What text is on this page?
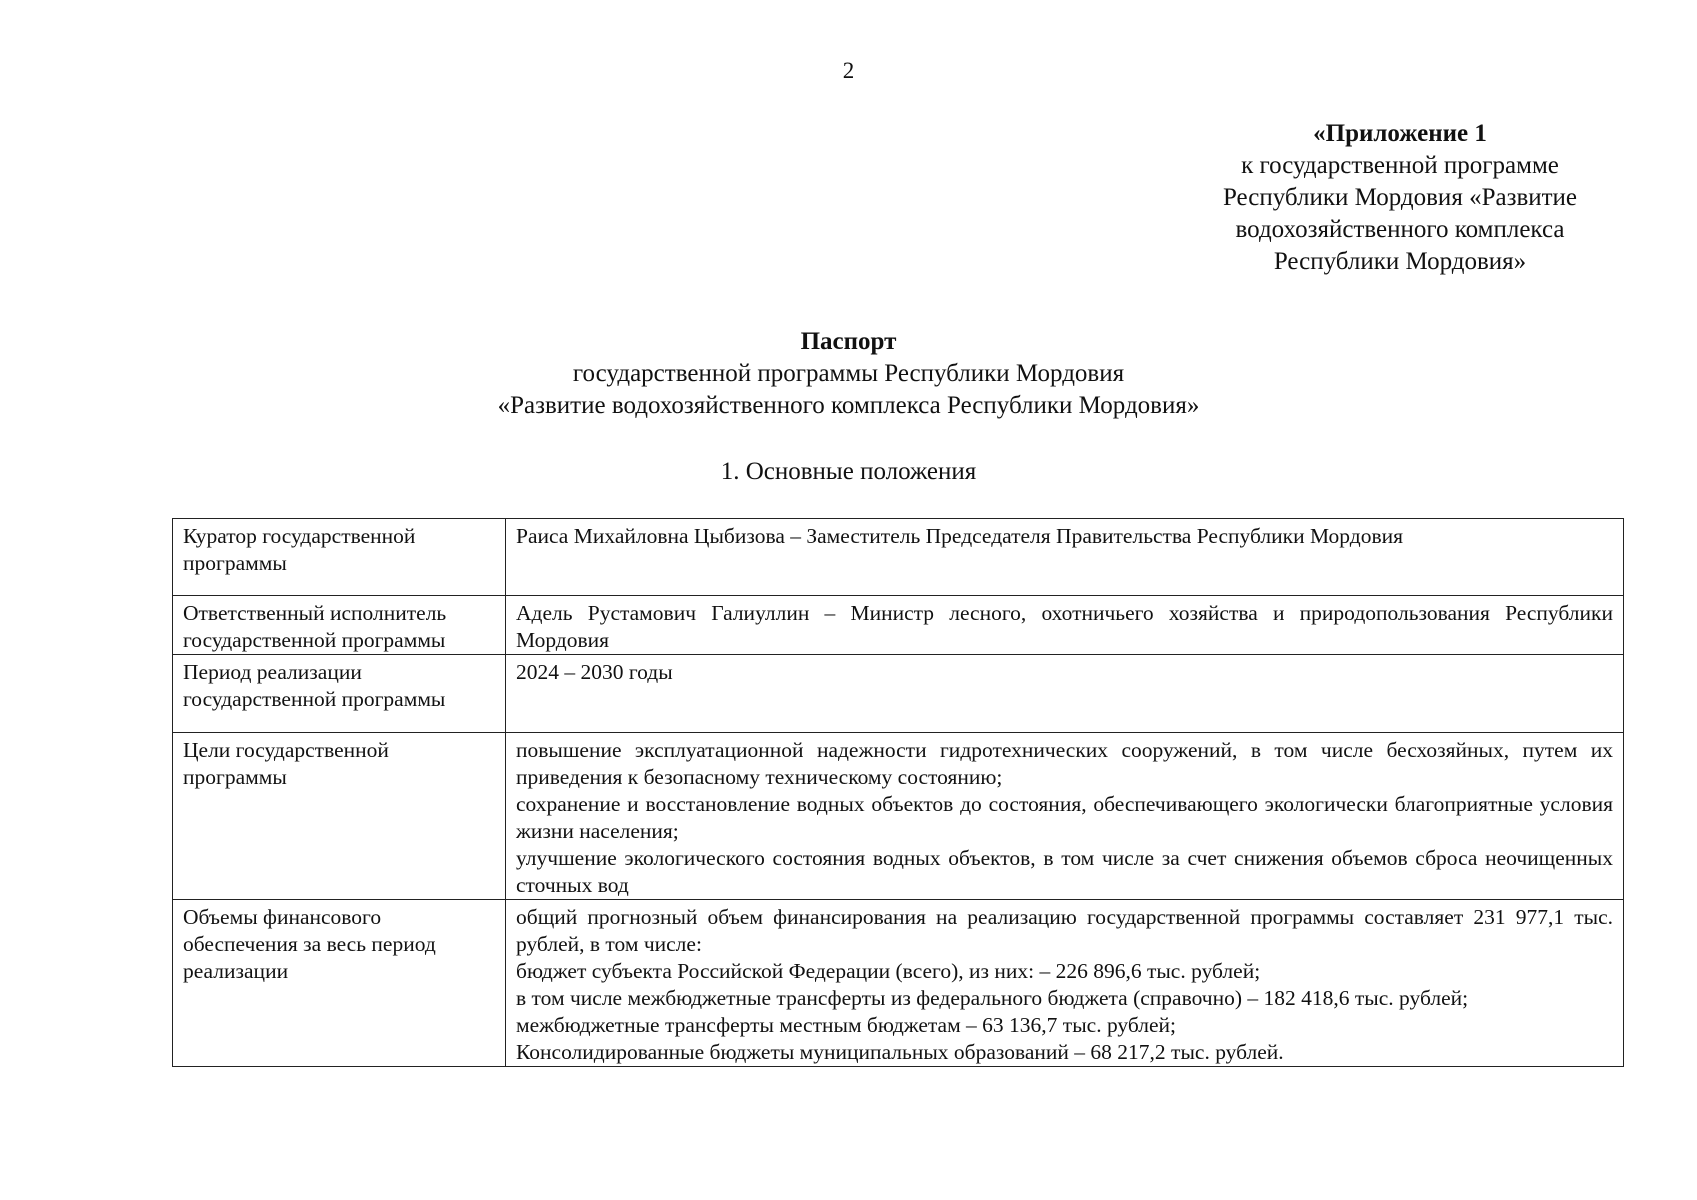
2
«Приложение 1
к государственной программе
Республики Мордовия «Развитие
водохозяйственного комплекса
Республики Мордовия»
Паспорт
государственной программы Республики Мордовия
«Развитие водохозяйственного комплекса Республики Мордовия»
1. Основные положения
Куратор государственной программы	Раиса Михайловна Цыбизова – Заместитель Председателя Правительства Республики Мордовия

Ответственный исполнитель государственной программы	Адель Рустамович Галиуллин – Министр лесного, охотничьего хозяйства и природопользования Республики Мордовия

Период реализации государственной программы	2024 – 2030 годы

Цели государственной программы	повышение эксплуатационной надежности гидротехнических сооружений, в том числе бесхозяйных, путем их приведения к безопасному техническому состоянию;
сохранение и восстановление водных объектов до состояния, обеспечивающего экологически благоприятные условия жизни населения;
улучшение экологического состояния водных объектов, в том числе за счет снижения объемов сброса неочищенных сточных вод

Объемы финансового обеспечения за весь период реализации	общий прогнозный объем финансирования на реализацию государственной программы составляет 231 977,1 тыс. рублей, в том числе:
бюджет субъекта Российской Федерации (всего), из них: – 226 896,6 тыс. рублей;
в том числе межбюджетные трансферты из федерального бюджета (справочно) – 182 418,6 тыс. рублей;
межбюджетные трансферты местным бюджетам – 63 136,7 тыс. рублей;
Консолидированные бюджеты муниципальных образований – 68 217,2 тыс. рублей.
